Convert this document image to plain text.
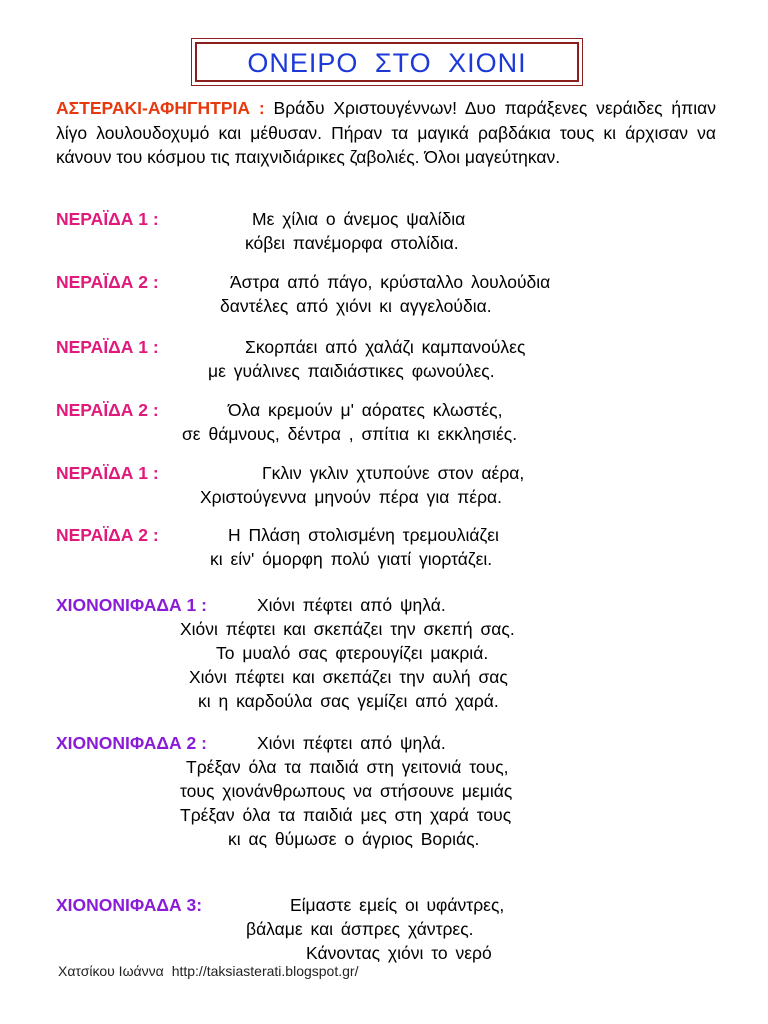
ΟΝΕΙΡΟ ΣΤΟ ΧΙΟΝΙ
ΑΣΤΕΡΑΚΙ-ΑΦΗΓΗΤΡΙΑ : Βράδυ Χριστουγέννων! Δυο παράξενες νεράιδες ήπιαν λίγο λουλουδοχυμό και μέθυσαν. Πήραν τα μαγικά ραβδάκια τους κι άρχισαν να κάνουν του κόσμου τις παιχνιδιάρικες ζαβολιές. Όλοι μαγεύτηκαν.
ΝΕΡΑΪΔΑ 1 :	Με χίλια ο άνεμος ψαλίδια
κόβει πανέμορφα στολίδια.
ΝΕΡΑΪΔΑ 2 :	Άστρα από πάγο, κρύσταλλο λουλούδια
δαντέλες από χιόνι κι αγγελούδια.
ΝΕΡΑΪΔΑ 1 :	Σκορπάει από χαλάζι καμπανούλες
με γυάλινες παιδιάστικες φωνούλες.
ΝΕΡΑΪΔΑ 2 :	Όλα κρεμούν μ' αόρατες κλωστές,
σε θάμνους, δέντρα , σπίτια κι εκκλησιές.
ΝΕΡΑΪΔΑ 1 :	Γκλιν γκλιν χτυπούνε στον αέρα,
Χριστούγεννα μηνούν πέρα για πέρα.
ΝΕΡΑΪΔΑ 2 :	Η Πλάση στολισμένη τρεμουλιάζει
κι είν' όμορφη πολύ γιατί γιορτάζει.
ΧΙΟΝΟΝΙΦΑΔΑ 1 :	Χιόνι πέφτει από ψηλά.
Χιόνι πέφτει και σκεπάζει την σκεπή σας.
Το μυαλό σας φτερουγίζει μακριά.
Χιόνι πέφτει και σκεπάζει την αυλή σας
κι η καρδούλα σας γεμίζει από χαρά.
ΧΙΟΝΟΝΙΦΑΔΑ 2 :	Χιόνι πέφτει από ψηλά.
Τρέξαν όλα τα παιδιά στη γειτονιά τους,
τους χιονάνθρωπους να στήσουνε μεμιάς
Τρέξαν όλα τα παιδιά μες στη χαρά τους
κι ας θύμωσε ο άγριος Βοριάς.
ΧΙΟΝΟΝΙΦΑΔΑ 3:	Είμαστε εμείς οι υφάντρες,
βάλαμε και άσπρες χάντρες.
Κάνοντας χιόνι το νερό
Χατσίκου Ιωάννα http://taksiasterati.blogspot.gr/
